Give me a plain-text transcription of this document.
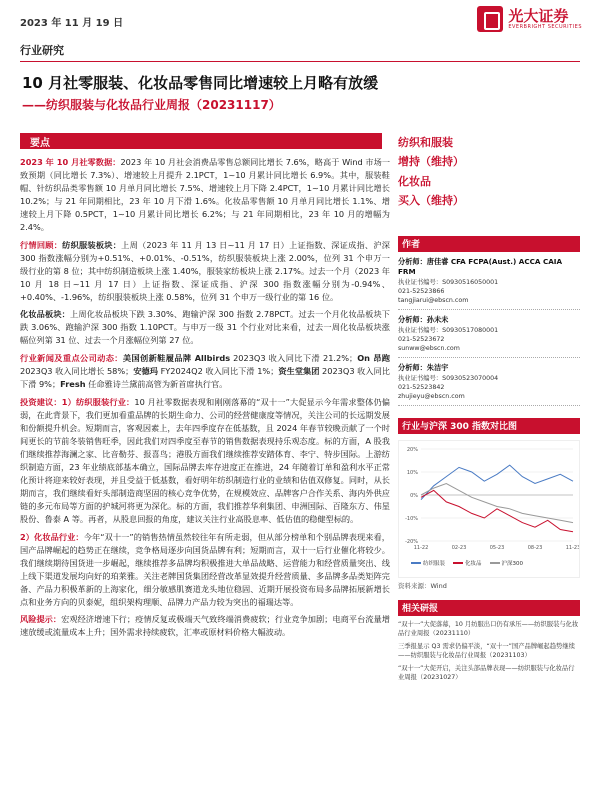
2023 年 11 月 19 日	光大证券
EVERBRIGHT SECURITIES
行业研究
10 月社零服装、化妆品零售同比增速较上月略有放缓
——纺织服装与化妆品行业周报（20231117）
要点

2023 年 10 月社零数据：2023 年 10 月社会消费品零售总额同比增长 7.6%，略高于 Wind 市场一致预期（同比增长 7.3%）、增速较上月提升 2.1PCT，1~10 月累计同比增长 6.9%。其中，服装鞋帽、针纺织品类零售额 10 月单月同比增长 7.5%、增速较上月下降 2.4PCT，1~10 月累计同比增长 10.2%；与 21 年同期相比，23 年 10 月下滑 1.6%。化妆品零售额 10 月单月同比增长 1.1%、增速较上月下降 0.5PCT，1~10 月累计同比增长 6.2%；与 21 年同期相比，23 年 10 月的增幅为 2.4%。

行情回顾：纺织服装板块：上周（2023 年 11 月 13 日~11 月 17 日）上证指数、深证成指、沪深 300 指数涨幅分别为+0.51%、+0.01%、-0.51%，纺织服装板块上涨 2.00%，位列 31 个申万一级行业的第 8 位；其中纺织制造板块上涨 1.40%，服装家纺板块上涨 2.17%。过去一个月（2023 年 10 月 18 日~11 月 17 日）上证指数、深证成指、沪深 300 指数涨幅分别为-0.94%、+0.40%、-1.96%，纺织服装板块上涨 0.58%，位列 31 个申万一级行业的第 16 位。

化妆品板块：上周化妆品板块下跌 3.30%、跑输沪深 300 指数 2.78PCT。过去一个月化妆品板块下跌 3.06%、跑输沪深 300 指数 1.10PCT。与申万一级 31 个行业对比来看，过去一周化妆品板块涨幅位列第 31 位、过去一个月涨幅位列第 27 位。

行业新闻及重点公司动态：美国创新鞋履品牌 Allbirds 2023Q3 收入同比下滑 21.2%；On 昂跑 2023Q3 收入同比增长 58%；安德玛 FY2024Q2 收入同比下滑 1%；资生堂集团 2023Q3 收入同比下滑 9%；Fresh 任命雅诗兰黛前高管为新首席执行官。

投资建议：1）纺织服装行业：10 月社零数据表现和刚刚落幕的“双十一”大促显示今年需求整体仍偏弱，在此背景下，我们更加看重品牌的长期生命力、公司的经营健康度等情况，关注公司的长远期发展和份额提升机会。短期而言，客观因素上，去年四季度存在低基数，且 2024 年春节较晚贡献了一个时间更长的节前冬装销售旺季，因此我们对四季度至春节的销售数据表现持乐观态度。标的方面，A 股我们继续推荐海澜之家、比音勒芬、报喜鸟；港股方面我们继续推荐安踏体育、李宁、特步国际。上游纺织制造方面，23 年业绩底部基本确立，国际品牌去库存进度正在推进，24 年随着订单和盈利水平正常化预计将迎来较好表现，并且受益于低基数，看好明年纺织制造行业的业绩和估值双修复。同时，从长期而言，我们继续看好头部制造商坚固的核心竞争优势，在规模效应、品牌客户合作关系、海内外供应链的多元布局等方面的护城河将更为深化。标的方面，我们推荐华利集团、申洲国际、百隆东方、伟星股份、鲁泰 A 等。再者，从股息回报的角度，建议关注行业高股息率、低估值的稳健型标的。

2）化妆品行业：今年“双十一”的销售热情虽然较往年有所走弱，但从部分榜单和个别品牌表现来看，国产品牌崛起的趋势正在继续，竞争格局逐步向国货品牌有利；短期而言，双十一后行业催化将较少。我们继续期待国货进一步崛起，继续推荐多品牌均积极推进大单品战略、运营能力和经营质量突出、线上线下渠道发展均向好的珀莱雅。关注老牌国货集团经营改革显效提升经营质量、多品牌多品类矩阵完备、产品力积极革新的上海家化，细分敏感肌赛道龙头地位稳固、近期开展投资布局多品牌拓展新增长点和业务方向的贝泰妮，组织架构理顺、品牌力产品力较为突出的福瑞达等。

风险提示：宏观经济增速下行；疫情反复或极端天气致终端消费疲软；行业竞争加剧；电商平台流量增速放缓或流量成本上升；国外需求持续疲软，汇率或原材料价格大幅波动。

纺织和服装
增持（维持）
化妆品
买入（维持）
作者
分析师：唐佳睿 CFA FCPA(Aust.) ACCA CAIA FRM
执业证书编号：S0930516050001
021-52523866
tangjiarui@ebscn.com
分析师：孙未未
执业证书编号：S0930517080001
021-52523672
sunww@ebscn.com
分析师：朱洁宇
执业证书编号：S0930523070004
021-52523842
zhujieyu@ebscn.com
行业与沪深 300 指数对比图
-20%
-10%
0%
10%
20%
11-22	02-23	05-23	08-23	11-23
纺织服装	化妆品	沪深300
资料来源：Wind
相关研报

“双十一”大促落幕，10 月纺服出口仍有承压——纺织服装与化妆品行业周报（20231110）

三季报显示 Q3 需求仍偏平淡，“双十一”国产品牌崛起趋势继续——纺织服装与化妆品行业周报（20231103）

“双十一”大促开启，关注头部品牌表现——纺织服装与化妆品行业周报（20231027）
